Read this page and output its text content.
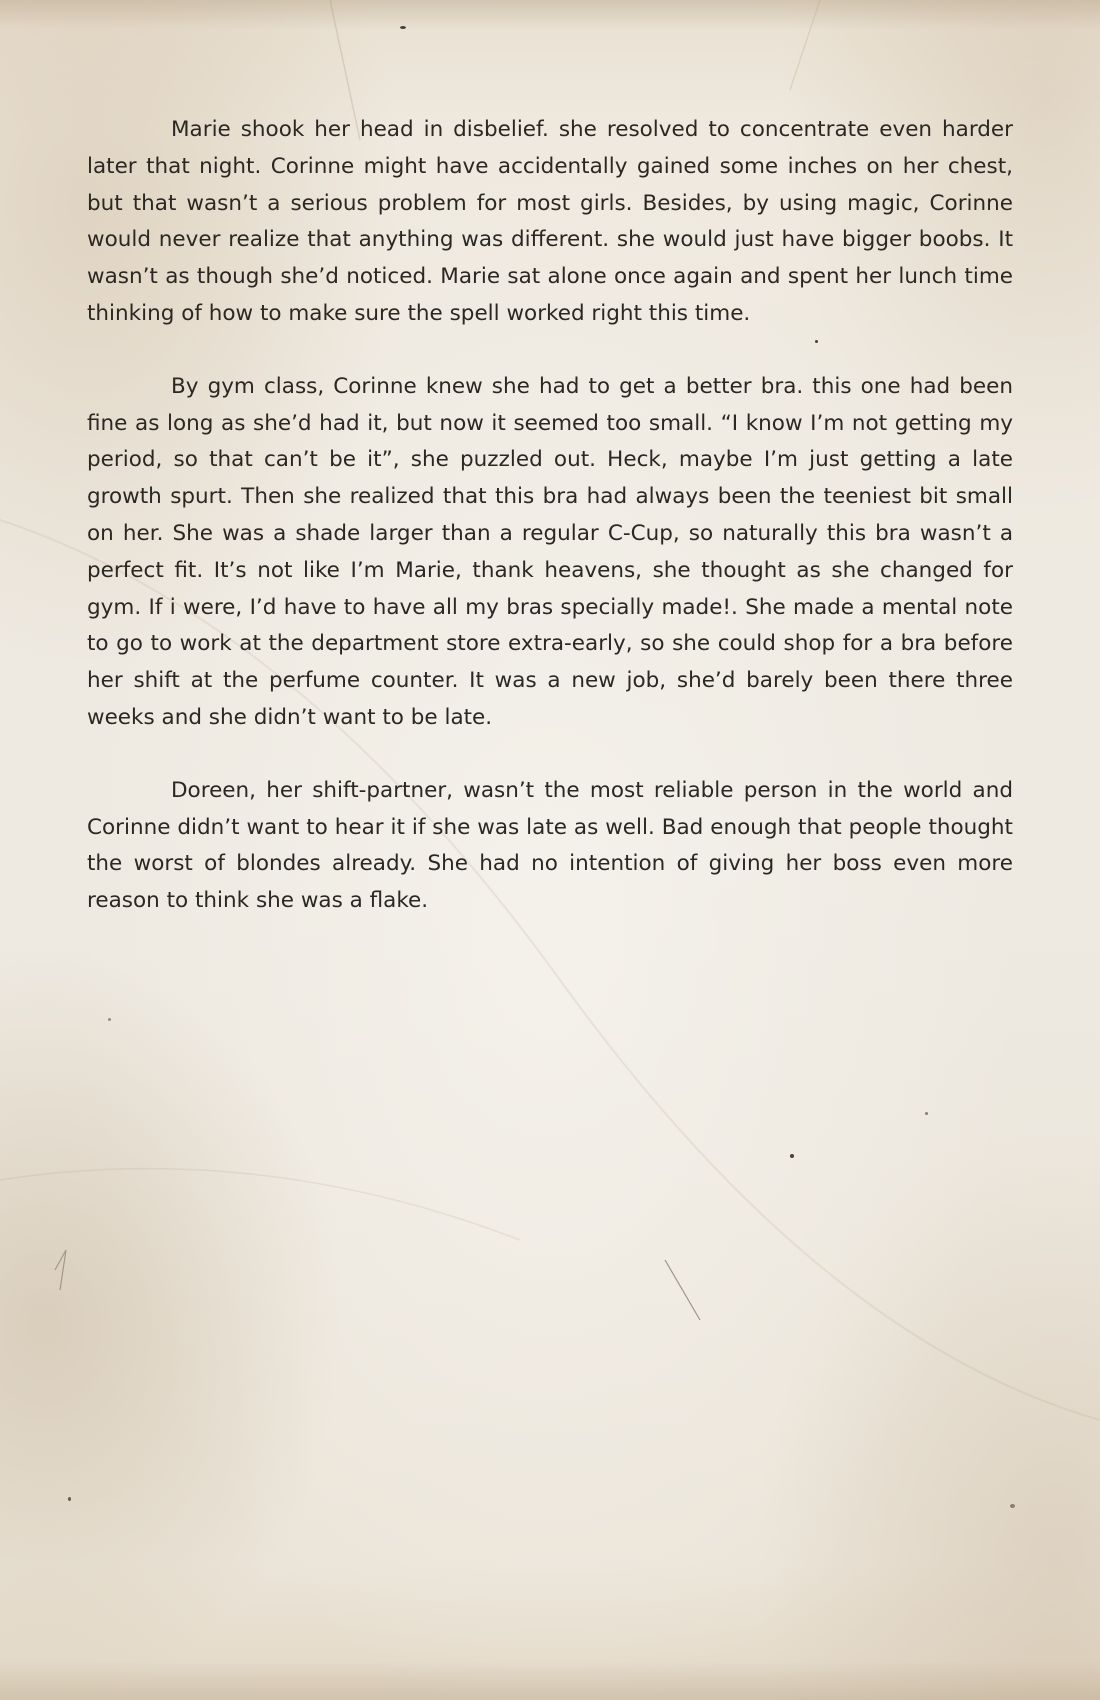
Marie shook her head in disbelief. she resolved to concentrate even harder later that night. Corinne might have accidentally gained some inches on her chest, but that wasn’t a serious problem for most girls. Besides, by using magic, Corinne would never realize that anything was different. she would just have bigger boobs. It wasn’t as though she’d noticed. Marie sat alone once again and spent her lunch time thinking of how to make sure the spell worked right this time.

By gym class, Corinne knew she had to get a better bra. this one had been fine as long as she’d had it, but now it seemed too small. “I know I’m not getting my period, so that can’t be it”, she puzzled out. Heck, maybe I’m just getting a late growth spurt. Then she realized that this bra had always been the teeniest bit small on her. She was a shade larger than a regular C-Cup, so naturally this bra wasn’t a perfect fit. It’s not like I’m Marie, thank heavens, she thought as she changed for gym. If i were, I’d have to have all my bras specially made!. She made a mental note to go to work at the department store extra-early, so she could shop for a bra before her shift at the perfume counter. It was a new job, she’d barely been there three weeks and she didn’t want to be late.

Doreen, her shift-partner, wasn’t the most reliable person in the world and Corinne didn’t want to hear it if she was late as well. Bad enough that people thought the worst of blondes already. She had no intention of giving her boss even more reason to think she was a flake.
